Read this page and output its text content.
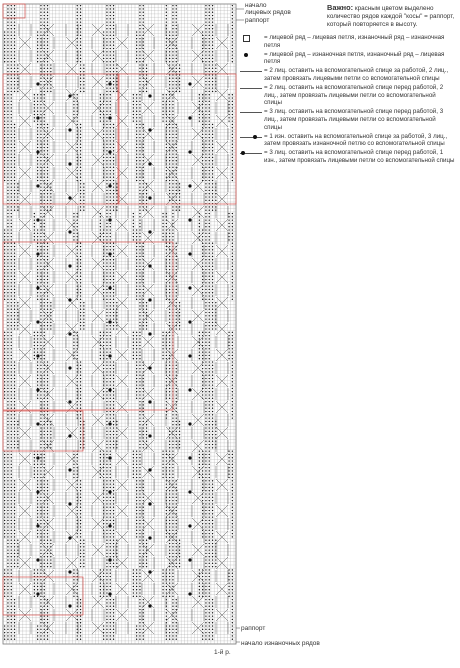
начало
лицевых рядов
раппорт
раппорт
начало изнаночных рядов
1-й р.
Важно: красным цветом выделено количество рядов каждой "косы" = раппорт, который повторяется в высоту.
= лицевой ряд – лицевая петля, изнаночный ряд – изнаночная петля
= лицевой ряд – изнаночная петля, изнаночный ряд – лицевая петля
= 2 лиц. оставить на вспомогательной спице за работой, 2 лиц., затем провязать лицевыми петли со вспомогательной спицы
= 2 лиц. оставить на вспомогательной спице перед работой, 2 лиц., затем провязать лицевыми петли со вспомогательной спицы
= 3 лиц. оставить на вспомогательной спице перед работой, 3 лиц., затем провязать лицевыми петли со вспомогательной спицы
= 1 изн. оставить на вспомогательной спице за работой, 3 лиц., затем провязать изнаночной петлю со вспомогательной спицы
= 3 лиц. оставить на вспомогательной спице перед работой, 1 изн., затем провязать лицевыми петли со вспомогательной спицы
